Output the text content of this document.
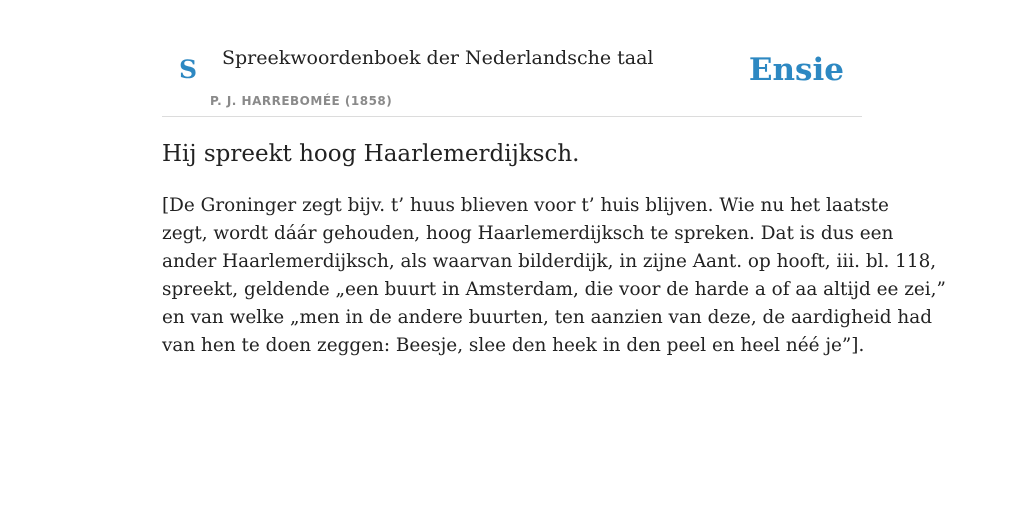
S Spreekwoordenboek der Nederlandsche taal
P. J. HARREBOMÉE (1858)
Ensie
Hij spreekt hoog Haarlemerdijksch.

[De Groninger zegt bijv. t’ huus blieven voor t’ huis blijven. Wie nu het laatste
zegt, wordt dáár gehouden, hoog Haarlemerdijksch te spreken. Dat is dus een
ander Haarlemerdijksch, als waarvan bilderdijk, in zijne Aant. op hooft, iii. bl. 118,
spreekt, geldende „een buurt in Amsterdam, die voor de harde a of aa altijd ee zei,”
en van welke „men in de andere buurten, ten aanzien van deze, de aardigheid had
van hen te doen zeggen: Beesje, slee den heek in den peel en heel néé je”].
